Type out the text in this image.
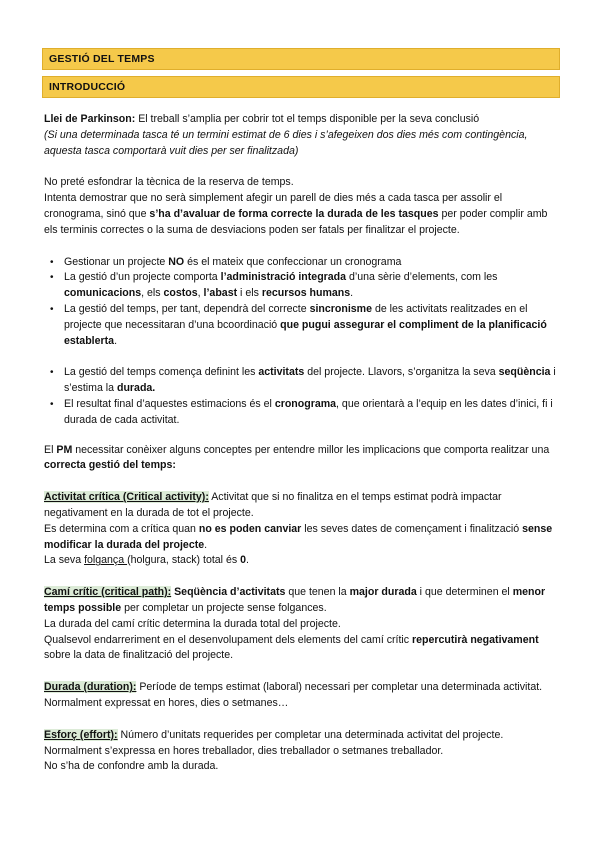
GESTIÓ DEL TEMPS
INTRODUCCIÓ

Llei de Parkinson: El treball s’amplia per cobrir tot el temps disponible per la seva conclusió

(Si una determinada tasca té un termini estimat de 6 dies i s’afegeixen dos dies més com contingència, aquesta tasca comportarà vuit dies per ser finalitzada)

No preté esfondrar la tècnica de la reserva de temps.

Intenta demostrar que no serà simplement afegir un parell de dies més a cada tasca per assolir el cronograma, sinó que s’ha d’avaluar de forma correcte la durada de les tasques per poder complir amb els terminis correctes o la suma de desviacions poden ser fatals per finalitzar el projecte.

• Gestionar un projecte NO és el mateix que confeccionar un cronograma
• La gestió d’un projecte comporta l’administració integrada d’una sèrie d’elements, com les comunicacions, els costos, l’abast i els recursos humans.
• La gestió del temps, per tant, dependrà del correcte sincronisme de les activitats realitzades en el projecte que necessitaran d’una bcoordinació que pugui assegurar el compliment de la planificació establerta.
• La gestió del temps comença definint les activitats del projecte. Llavors, s’organitza la seva seqüència i s’estima la durada.
• El resultat final d’aquestes estimacions és el cronograma, que orientarà a l’equip en les dates d’inici, fi i durada de cada activitat.

El PM necessitar conèixer alguns conceptes per entendre millor les implicacions que comporta realitzar una correcta gestió del temps:

Activitat crítica (Critical activity): Activitat que si no finalitza en el temps estimat podrà impactar negativament en la durada de tot el projecte.

Es determina com a crítica quan no es poden canviar les seves dates de començament i finalització sense modificar la durada del projecte.

La seva folgança (holgura, stack) total és 0.

Camí crític (critical path): Seqüència d’activitats que tenen la major durada i que determinen el menor temps possible per completar un projecte sense folgances.

La durada del camí crític determina la durada total del projecte.

Qualsevol endarreriment en el desenvolupament dels elements del camí crític repercutirà negativament sobre la data de finalització del projecte.

Durada (duration): Període de temps estimat (laboral) necessari per completar una determinada activitat. Normalment expressat en hores, dies o setmanes…

Esforç (effort): Número d’unitats requerides per completar una determinada activitat del projecte. Normalment s’expressa en hores treballador, dies treballador o setmanes treballador.

No s’ha de confondre amb la durada.
